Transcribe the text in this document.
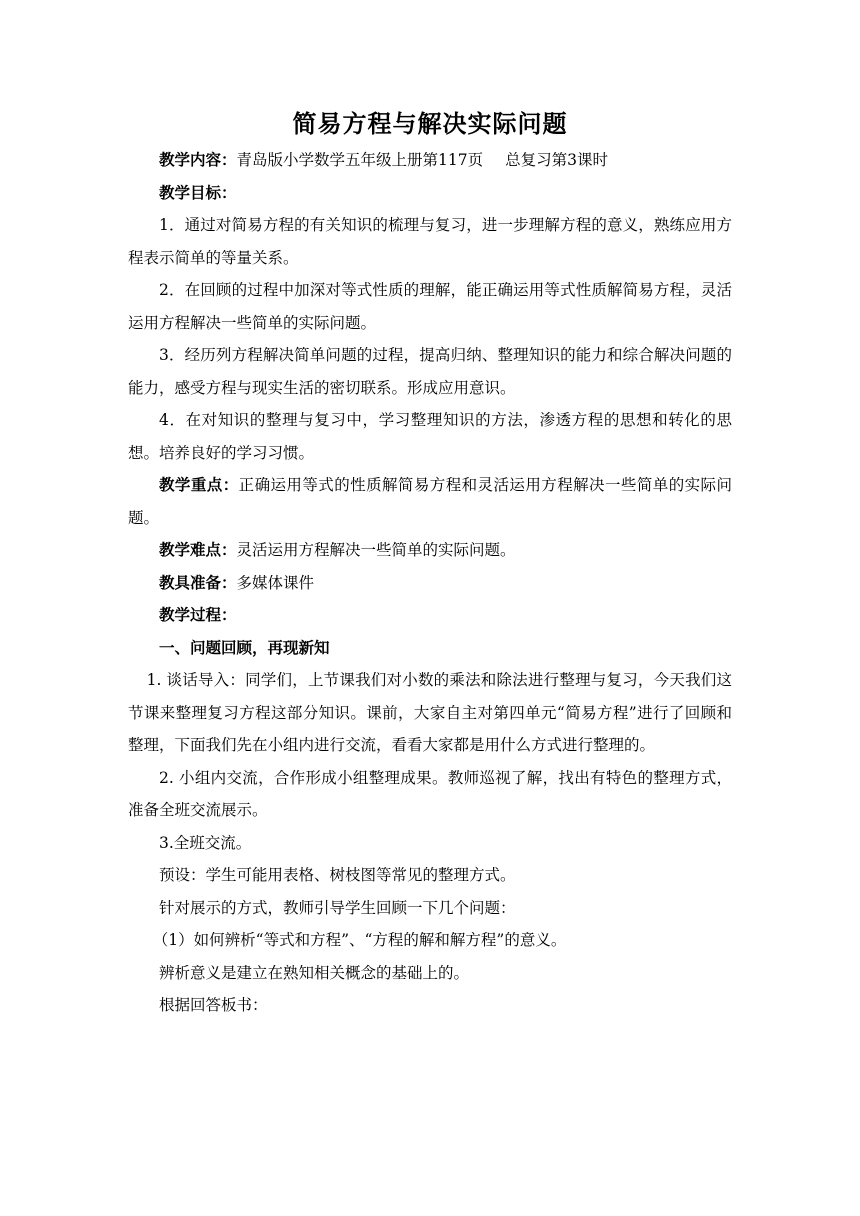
简易方程与解决实际问题

教学内容：青岛版小学数学五年级上册第117页 总复习第3课时

教学目标：

1．通过对简易方程的有关知识的梳理与复习，进一步理解方程的意义，熟练应用方程表示简单的等量关系。

2．在回顾的过程中加深对等式性质的理解，能正确运用等式性质解简易方程，灵活运用方程解决一些简单的实际问题。

3．经历列方程解决简单问题的过程，提高归纳、整理知识的能力和综合解决问题的能力，感受方程与现实生活的密切联系。形成应用意识。

4．在对知识的整理与复习中，学习整理知识的方法，渗透方程的思想和转化的思想。培养良好的学习习惯。

教学重点：正确运用等式的性质解简易方程和灵活运用方程解决一些简单的实际问题。

教学难点：灵活运用方程解决一些简单的实际问题。

教具准备：多媒体课件

教学过程：

一、问题回顾，再现新知

1. 谈话导入：同学们，上节课我们对小数的乘法和除法进行整理与复习，今天我们这节课来整理复习方程这部分知识。课前，大家自主对第四单元“简易方程”进行了回顾和整理，下面我们先在小组内进行交流，看看大家都是用什么方式进行整理的。

2. 小组内交流，合作形成小组整理成果。教师巡视了解，找出有特色的整理方式，准备全班交流展示。

3.全班交流。

预设：学生可能用表格、树枝图等常见的整理方式。

针对展示的方式，教师引导学生回顾一下几个问题：

（1）如何辨析“等式和方程”、“方程的解和解方程”的意义。

辨析意义是建立在熟知相关概念的基础上的。

根据回答板书：
